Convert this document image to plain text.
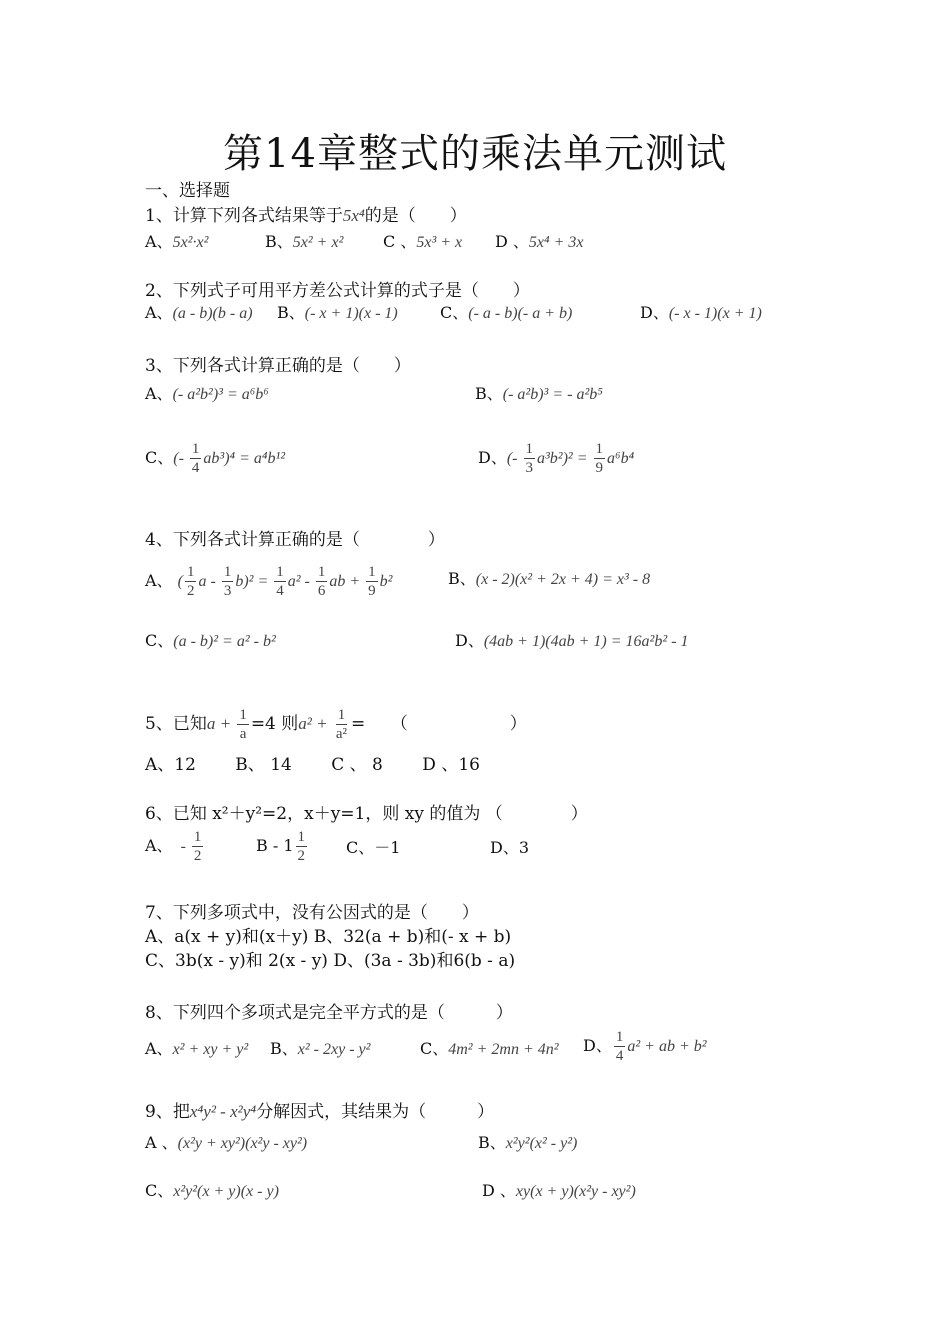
第14章整式的乘法单元测试
一、选择题
1、计算下列各式结果等于5x⁴的是（　　）
A、5x²·x²	B、5x² + x² C 、5x³ + x D 、5x⁴ + 3x
2、下列式子可用平方差公式计算的式子是（　　）
A、(a - b)(b - a) B、(- x + 1)(x - 1)	C、(- a - b)(- a + b)	D、(- x - 1)(x + 1)
3、下列各式计算正确的是（　　）
A、(- a²b²)³ = a⁶b⁶	B、(- a²b)³ = - a²b⁵
C、(- $\frac{1}{4} ab^3)^4 = a^4b^{12}$	D、(- $\frac{1}{3} a^3b^2)^2 = \frac{1}{9} a^6b^4$
4、下列各式计算正确的是（　　　　）
A、 ( $\frac{1}{2}$ $a - \frac{1}{3} b)^2 = \frac{1}{4} a^2 - \frac{1}{6}$ ab + $\frac{1}{9} b^2$	B、(x - 2)(x² + 2x + 4) = x³ - 8
C、(a - b)² = a² - b²	D、(4ab + 1)(4ab + 1) = 16a²b² - 1
5、已知$a + \frac{1}{a} =4$ 则$a^2 + \frac{1}{\text{a²}}$ =　　（　　　　　　）
A、12　　 B、 14　　 C 、 8　　 D 、16
6、已知 x²＋y²=2，x＋y=1，则 xy 的值为 （　　　　）
A、　- $\frac{1}{2}$	B - $1 \frac{1}{2}$ C、－1	D、3
7、下列多项式中，没有公因式的是（　　）
A、a(x + y)和(x＋y) B、32(a + b)和(- x + b)
C、3b(x - y)和 2(x - y) D、(3a - 3b)和6(b - a)
8、下列四个多项式是完全平方式的是（　　　）
A、x² + xy + y² B、x² - 2xy - y²	C、4m² + 2mn + 4n² D、 $\frac{1}{4} a^2$ + ab + b²
9、把x⁴y² - x²y⁴分解因式，其结果为（　　　）
A 、(x²y + xy²)(x²y - xy²)	B、x²y²(x² - y²)
C、x²y²(x + y)(x - y)	D 、xy(x + y)(x²y - xy²)
